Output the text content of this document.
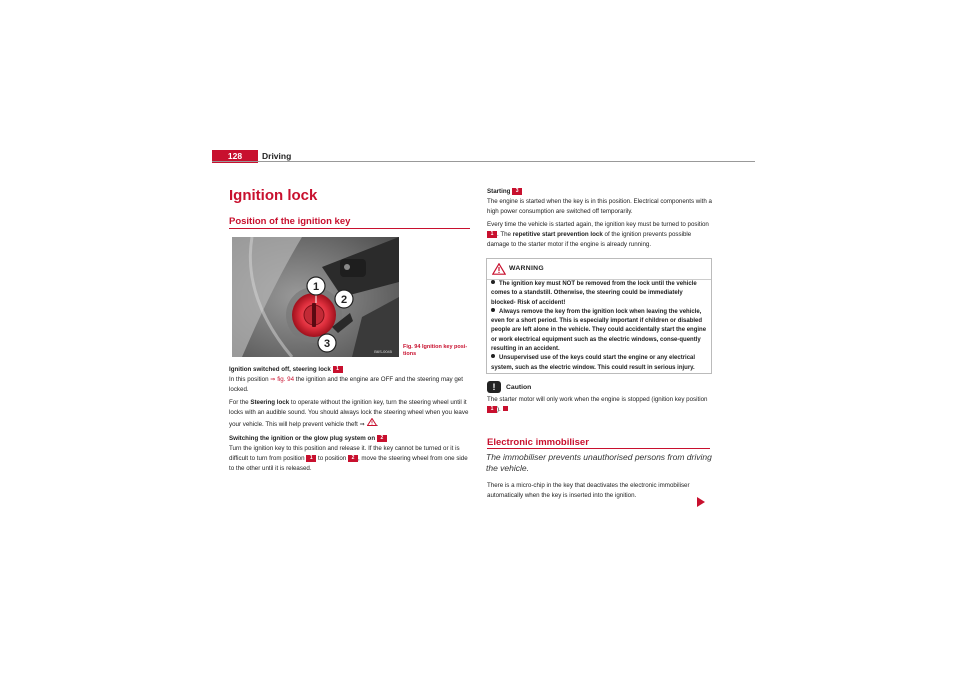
128	Driving
Ignition lock
Position of the ignition key
1
2
3
B6S-0045
Fig. 94 Ignition key posi-tions

Ignition switched off, steering lock 1

In this position ⇒ fig. 94 the ignition and the engine are OFF and the steering may get locked.

For the Steering lock to operate without the ignition key, turn the steering wheel until it locks with an audible sound. You should always lock the steering wheel when you leave your vehicle. This will help prevent vehicle theft ⇒ .

Switching the ignition or the glow plug system on 2

Turn the ignition key to this position and release it. If the key cannot be turned or it is difficult to turn from position 1 to position 2 , move the steering wheel from one side to the other until it is released.

Starting 3

The engine is started when the key is in this position. Electrical components with a high power consumption are switched off temporarily.

Every time the vehicle is started again, the ignition key must be turned to position 1 . The repetitive start prevention lock of the ignition prevents possible damage to the starter motor if the engine is already running.

WARNING

The ignition key must NOT be removed from the lock until the vehicle comes to a standstill. Otherwise, the steering could be immediately blocked- Risk of accident!

Always remove the key from the ignition lock when leaving the vehicle, even for a short period. This is especially important if children or disabled people are left alone in the vehicle. They could accidentally start the engine or work electrical equipment such as the electric windows, conse-quently resulting in an accident.

Unsupervised use of the keys could start the engine or any electrical system, such as the electric window. This could result in serious injury.

!	Caution

The starter motor will only work when the engine is stopped (ignition key position 1 ).

Electronic immobiliser
The immobiliser prevents unauthorised persons from driving the vehicle.
There is a micro-chip in the key that deactivates the electronic immobiliser automatically when the key is inserted into the ignition.
